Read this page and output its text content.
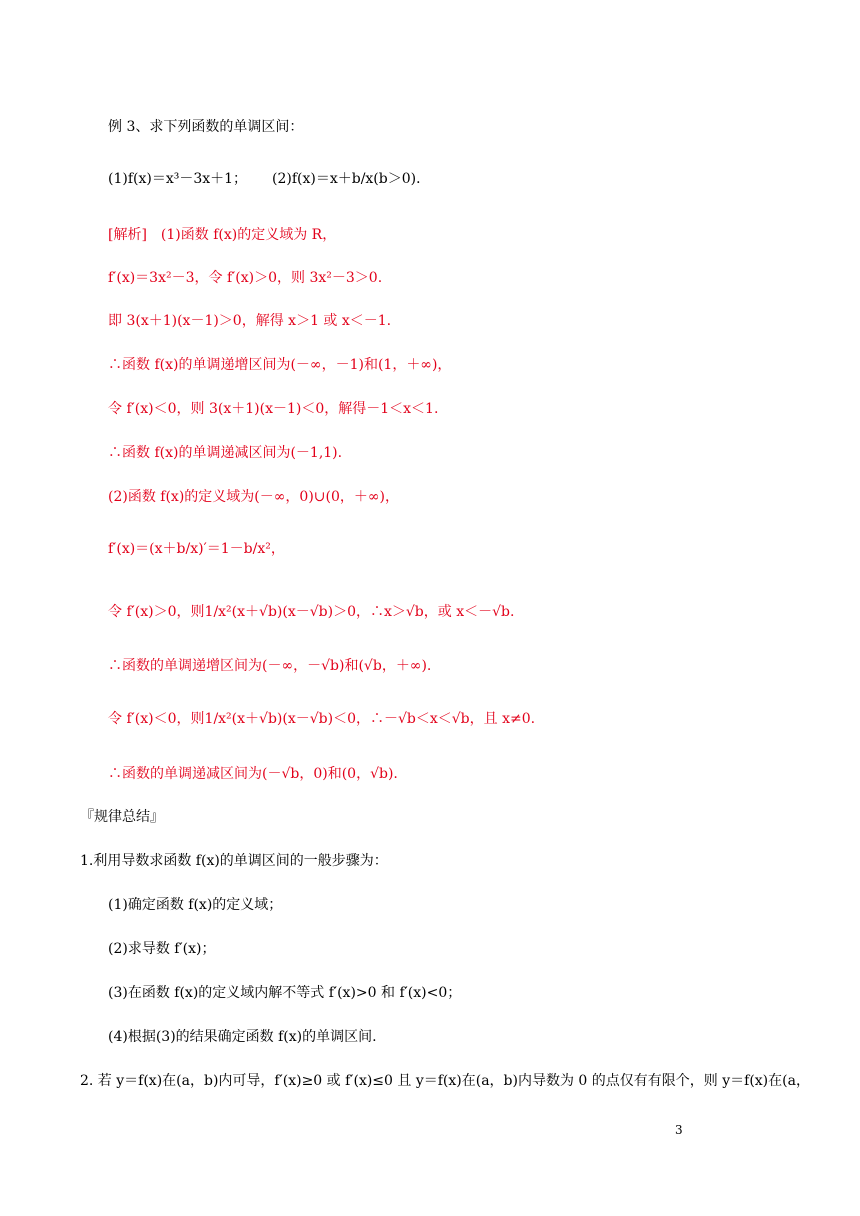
例 3、求下列函数的单调区间：
(1)f(x)＝x³－3x＋1； (2)f(x)＝x＋b/x(b＞0)．
[解析]　(1)函数 f(x)的定义域为 R，
f′(x)＝3x²－3，令 f′(x)＞0，则 3x²－3＞0.
即 3(x＋1)(x－1)＞0，解得 x＞1 或 x＜－1.
∴函数 f(x)的单调递增区间为(－∞，－1)和(1，＋∞)，
令 f′(x)＜0，则 3(x＋1)(x－1)＜0，解得－1＜x＜1.
∴函数 f(x)的单调递减区间为(－1,1).
(2)函数 f(x)的定义域为(－∞，0)∪(0，＋∞)，
f′(x)＝(x＋b/x)′＝1－b/x²，
令 f′(x)＞0，则1/x²(x＋√b)(x－√b)＞0，∴x＞√b，或 x＜－√b.
∴函数的单调递增区间为(－∞，－√b)和(√b，＋∞).
令 f′(x)＜0，则1/x²(x＋√b)(x－√b)＜0，∴－√b＜x＜√b，且 x≠0.
∴函数的单调递减区间为(－√b，0)和(0，√b).
『规律总结』
1.利用导数求函数 f(x)的单调区间的一般步骤为：
(1)确定函数 f(x)的定义域；
(2)求导数 f′(x)；
(3)在函数 f(x)的定义域内解不等式 f′(x)>0 和 f′(x)<0；
(4)根据(3)的结果确定函数 f(x)的单调区间.
2. 若 y＝f(x)在(a，b)内可导，f′(x)≥0 或 f′(x)≤0 且 y＝f(x)在(a，b)内导数为 0 的点仅有有限个，则 y＝f(x)在(a，
3
